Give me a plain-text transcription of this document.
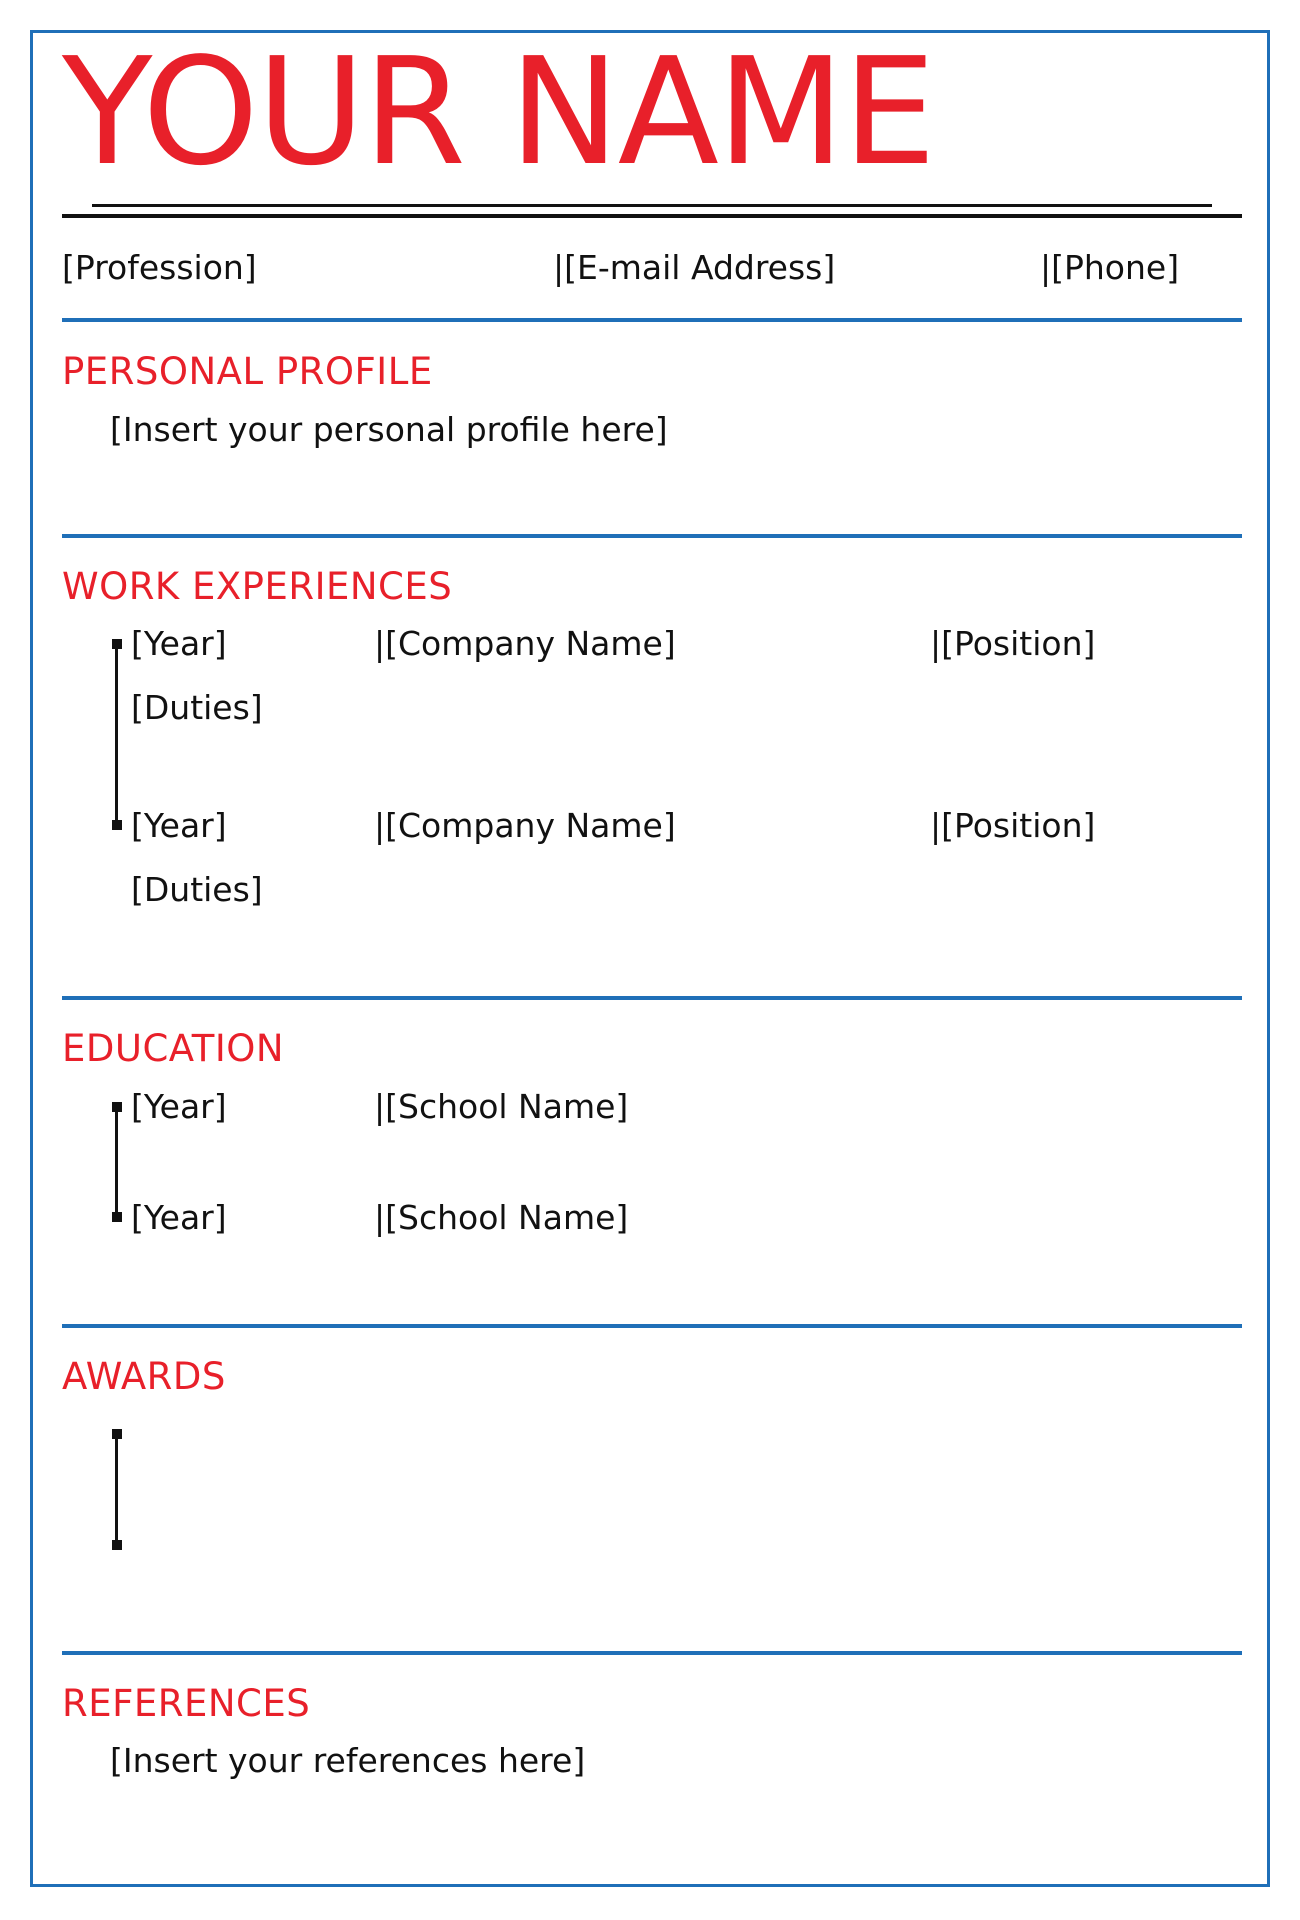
YOUR NAME
[Profession]	|[E-mail Address]	|[Phone]
PERSONAL PROFILE
[Insert your personal profile here]
WORK EXPERIENCES
[Year]	|[Company Name]	|[Position]
[Duties]
[Year]	|[Company Name]	|[Position]
[Duties]
EDUCATION
[Year]	|[School Name]
[Year]	|[School Name]
AWARDS
REFERENCES
[Insert your references here]
